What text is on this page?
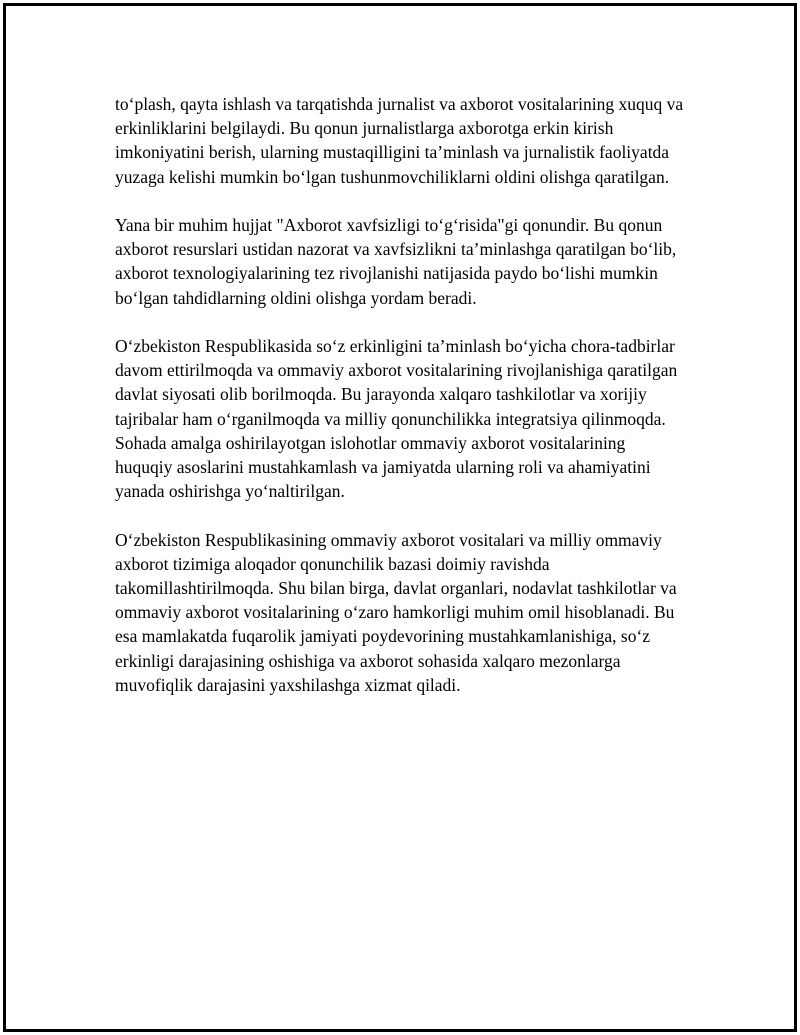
to‘plash, qayta ishlash va tarqatishda jurnalist va axborot vositalarining xuquq va erkinliklarini belgilaydi. Bu qonun jurnalistlarga axborotga erkin kirish imkoniyatini berish, ularning mustaqilligini ta’minlash va jurnalistik faoliyatda yuzaga kelishi mumkin bo‘lgan tushunmovchiliklarni oldini olishga qaratilgan.

Yana bir muhim hujjat "Axborot xavfsizligi to‘g‘risida"gi qonundir. Bu qonun axborot resurslari ustidan nazorat va xavfsizlikni ta’minlashga qaratilgan bo‘lib, axborot texnologiyalarining tez rivojlanishi natijasida paydo bo‘lishi mumkin bo‘lgan tahdidlarning oldini olishga yordam beradi.

O‘zbekiston Respublikasida so‘z erkinligini ta’minlash bo‘yicha chora-tadbirlar davom ettirilmoqda va ommaviy axborot vositalarining rivojlanishiga qaratilgan davlat siyosati olib borilmoqda. Bu jarayonda xalqaro tashkilotlar va xorijiy tajribalar ham o‘rganilmoqda va milliy qonunchilikka integratsiya qilinmoqda. Sohada amalga oshirilayotgan islohotlar ommaviy axborot vositalarining huquqiy asoslarini mustahkamlash va jamiyatda ularning roli va ahamiyatini yanada oshirishga yo‘naltirilgan.

O‘zbekiston Respublikasining ommaviy axborot vositalari va milliy ommaviy axborot tizimiga aloqador qonunchilik bazasi doimiy ravishda takomillashtirilmoqda. Shu bilan birga, davlat organlari, nodavlat tashkilotlar va ommaviy axborot vositalarining o‘zaro hamkorligi muhim omil hisoblanadi. Bu esa mamlakatda fuqarolik jamiyati poydevorining mustahkamlanishiga, so‘z erkinligi darajasining oshishiga va axborot sohasida xalqaro mezonlarga muvofiqlik darajasini yaxshilashga xizmat qiladi.
